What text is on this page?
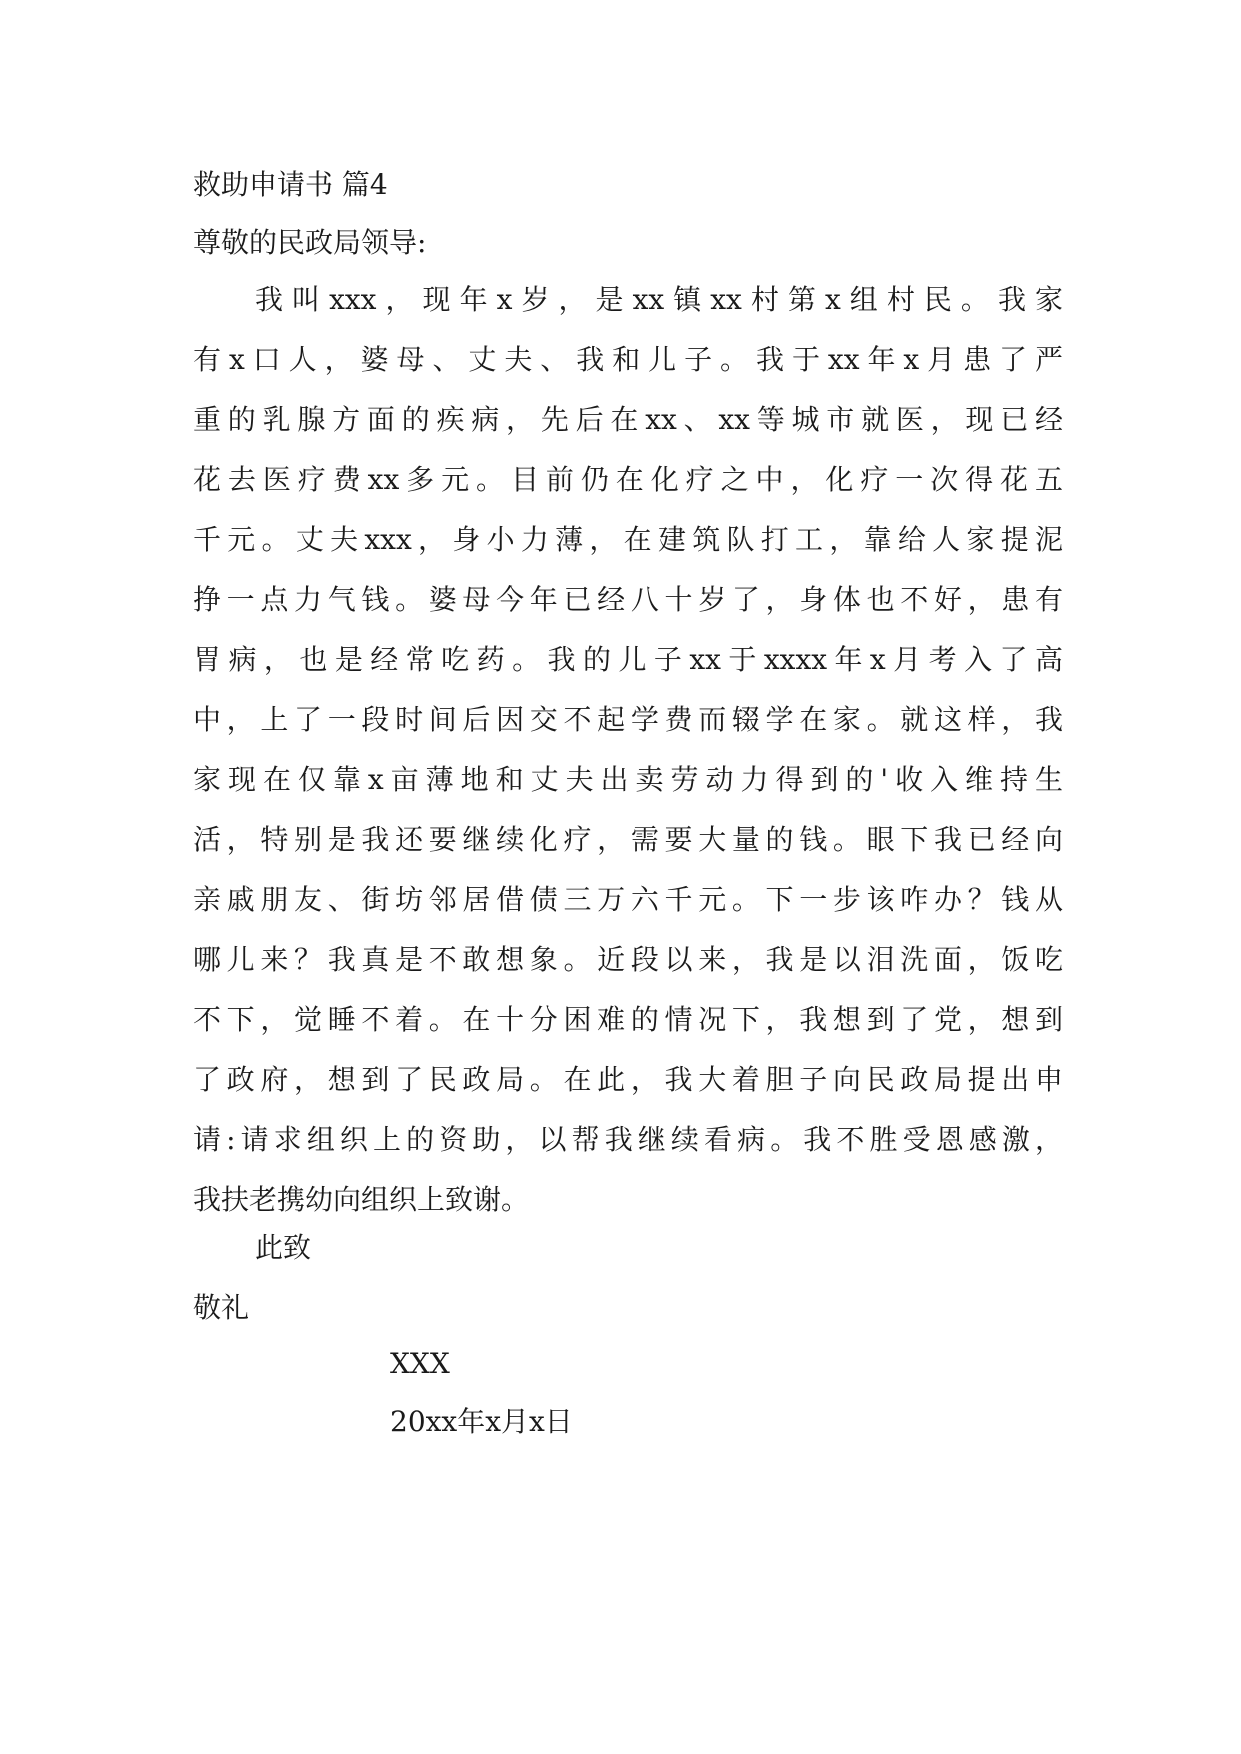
救助申请书 篇4
尊敬的民政局领导:
我叫xxx，现年x岁，是xx镇xx村第x组村民。我家
有x口人，婆母、丈夫、我和儿子。我于xx年x月患了严
重的乳腺方面的疾病，先后在xx、xx等城市就医，现已经
花去医疗费xx多元。目前仍在化疗之中，化疗一次得花五
千元。丈夫xxx，身小力薄，在建筑队打工，靠给人家提泥
挣一点力气钱。婆母今年已经八十岁了，身体也不好，患有
胃病，也是经常吃药。我的儿子xx于xxxx年x月考入了高
中，上了一段时间后因交不起学费而辍学在家。就这样，我
家现在仅靠x亩薄地和丈夫出卖劳动力得到的'收入维持生
活，特别是我还要继续化疗，需要大量的钱。眼下我已经向
亲戚朋友、街坊邻居借债三万六千元。下一步该咋办？钱从
哪儿来？我真是不敢想象。近段以来，我是以泪洗面，饭吃
不下，觉睡不着。在十分困难的情况下，我想到了党，想到
了政府，想到了民政局。在此，我大着胆子向民政局提出申
请:请求组织上的资助，以帮我继续看病。我不胜受恩感激，
我扶老携幼向组织上致谢。
此致
敬礼
XXX
20xx年x月x日
